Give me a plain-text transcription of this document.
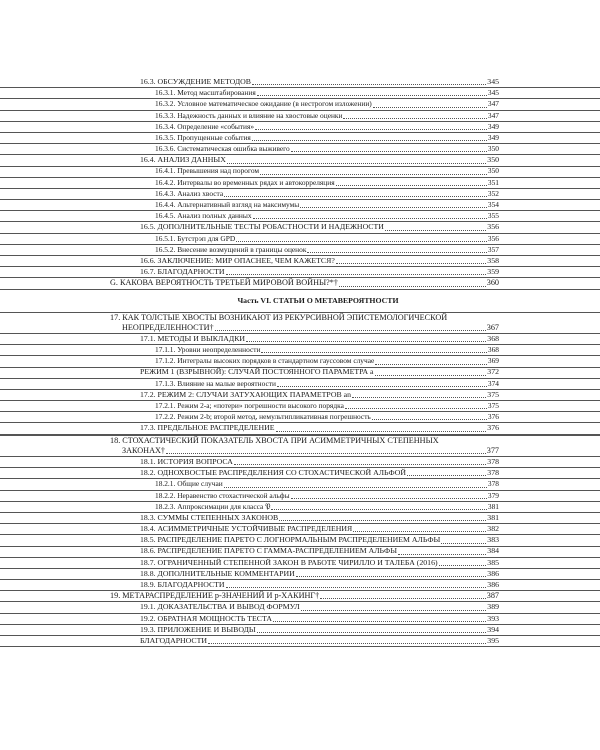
16.3. ОБСУЖДЕНИЕ МЕТОДОВ	345
16.3.1. Метод масштабирования	345
16.3.2. Условное математическое ожидание (в нестрогом изложении)	347
16.3.3. Надежность данных и влияние на хвостовые оценки	347
16.3.4. Определение «события»	349
16.3.5. Пропущенные события	349
16.3.6. Систематическая ошибка выживего	350
16.4. АНАЛИЗ ДАННЫХ	350
16.4.1. Превышения над порогом	350
16.4.2. Интервалы во временных рядах и автокорреляция	351
16.4.3. Анализ хвоста	352
16.4.4. Альтернативный взгляд на максимумы	354
16.4.5. Анализ полных данных	355
16.5. ДОПОЛНИТЕЛЬНЫЕ ТЕСТЫ РОБАСТНОСТИ И НАДЕЖНОСТИ	356
16.5.1. Бутстрэп для GPD	356
16.5.2. Внесение возмущений в границы оценок	357
16.6. ЗАКЛЮЧЕНИЕ: МИР ОПАСНЕЕ, ЧЕМ КАЖЕТСЯ?	358
16.7. БЛАГОДАРНОСТИ	359
G. КАКОВА ВЕРОЯТНОСТЬ ТРЕТЬЕЙ МИРОВОЙ ВОЙНЫ?*†	360
Часть VI. СТАТЬИ О МЕТАВЕРОЯТНОСТИ
17. КАК ТОЛСТЫЕ ХВОСТЫ ВОЗНИКАЮТ ИЗ РЕКУРСИВНОЙ ЭПИСТЕМОЛОГИЧЕСКОЙ
НЕОПРЕДЕЛЕННОСТИ†	367
17.1. МЕТОДЫ И ВЫКЛАДКИ	368
17.1.1. Уровни неопределенности	368
17.1.2. Интегралы высоких порядков в стандартном гауссовом случае	369
РЕЖИМ 1 (ВЗРЫВНОЙ): СЛУЧАЙ ПОСТОЯННОГО ПАРАМЕТРА a	372
17.1.3. Влияние на малые вероятности	374
17.2. РЕЖИМ 2: СЛУЧАИ ЗАТУХАЮЩИХ ПАРАМЕТРОВ an	375
17.2.1. Режим 2-a; «потери» погрешности высокого порядка	375
17.2.2. Режим 2-b; второй метод, немультипликативная погрешность	376
17.3. ПРЕДЕЛЬНОЕ РАСПРЕДЕЛЕНИЕ	376
18. СТОХАСТИЧЕСКИЙ ПОКАЗАТЕЛЬ ХВОСТА ПРИ АСИММЕТРИЧНЫХ СТЕПЕННЫХ
ЗАКОНАХ†	377
18.1. ИСТОРИЯ ВОПРОСА	378
18.2. ОДНОХВОСТЫЕ РАСПРЕДЕЛЕНИЯ СО СТОХАСТИЧЕСКОЙ АЛЬФОЙ	378
18.2.1. Общие случаи	378
18.2.2. Неравенство стохастической альфы	379
18.2.3. Аппроксимации для класса 𝔓	381
18.3. СУММЫ СТЕПЕННЫХ ЗАКОНОВ	381
18.4. АСИММЕТРИЧНЫЕ УСТОЙЧИВЫЕ РАСПРЕДЕЛЕНИЯ	382
18.5. РАСПРЕДЕЛЕНИЕ ПАРЕТО С ЛОГНОРМАЛЬНЫМ РАСПРЕДЕЛЕНИЕМ АЛЬФЫ	383
18.6. РАСПРЕДЕЛЕНИЕ ПАРЕТО С ГАММА-РАСПРЕДЕЛЕНИЕМ АЛЬФЫ	384
18.7. ОГРАНИЧЕННЫЙ СТЕПЕННОЙ ЗАКОН В РАБОТЕ ЧИРИЛЛО И ТАЛЕБА (2016)	385
18.8. ДОПОЛНИТЕЛЬНЫЕ КОММЕНТАРИИ	386
18.9. БЛАГОДАРНОСТИ	386
19. МЕТАРАСПРЕДЕЛЕНИЕ p-ЗНАЧЕНИЙ И p-ХАКИНГ†	387
19.1. ДОКАЗАТЕЛЬСТВА И ВЫВОД ФОРМУЛ	389
19.2. ОБРАТНАЯ МОЩНОСТЬ ТЕСТА	393
19.3. ПРИЛОЖЕНИЕ И ВЫВОДЫ	394
БЛАГОДАРНОСТИ	395
